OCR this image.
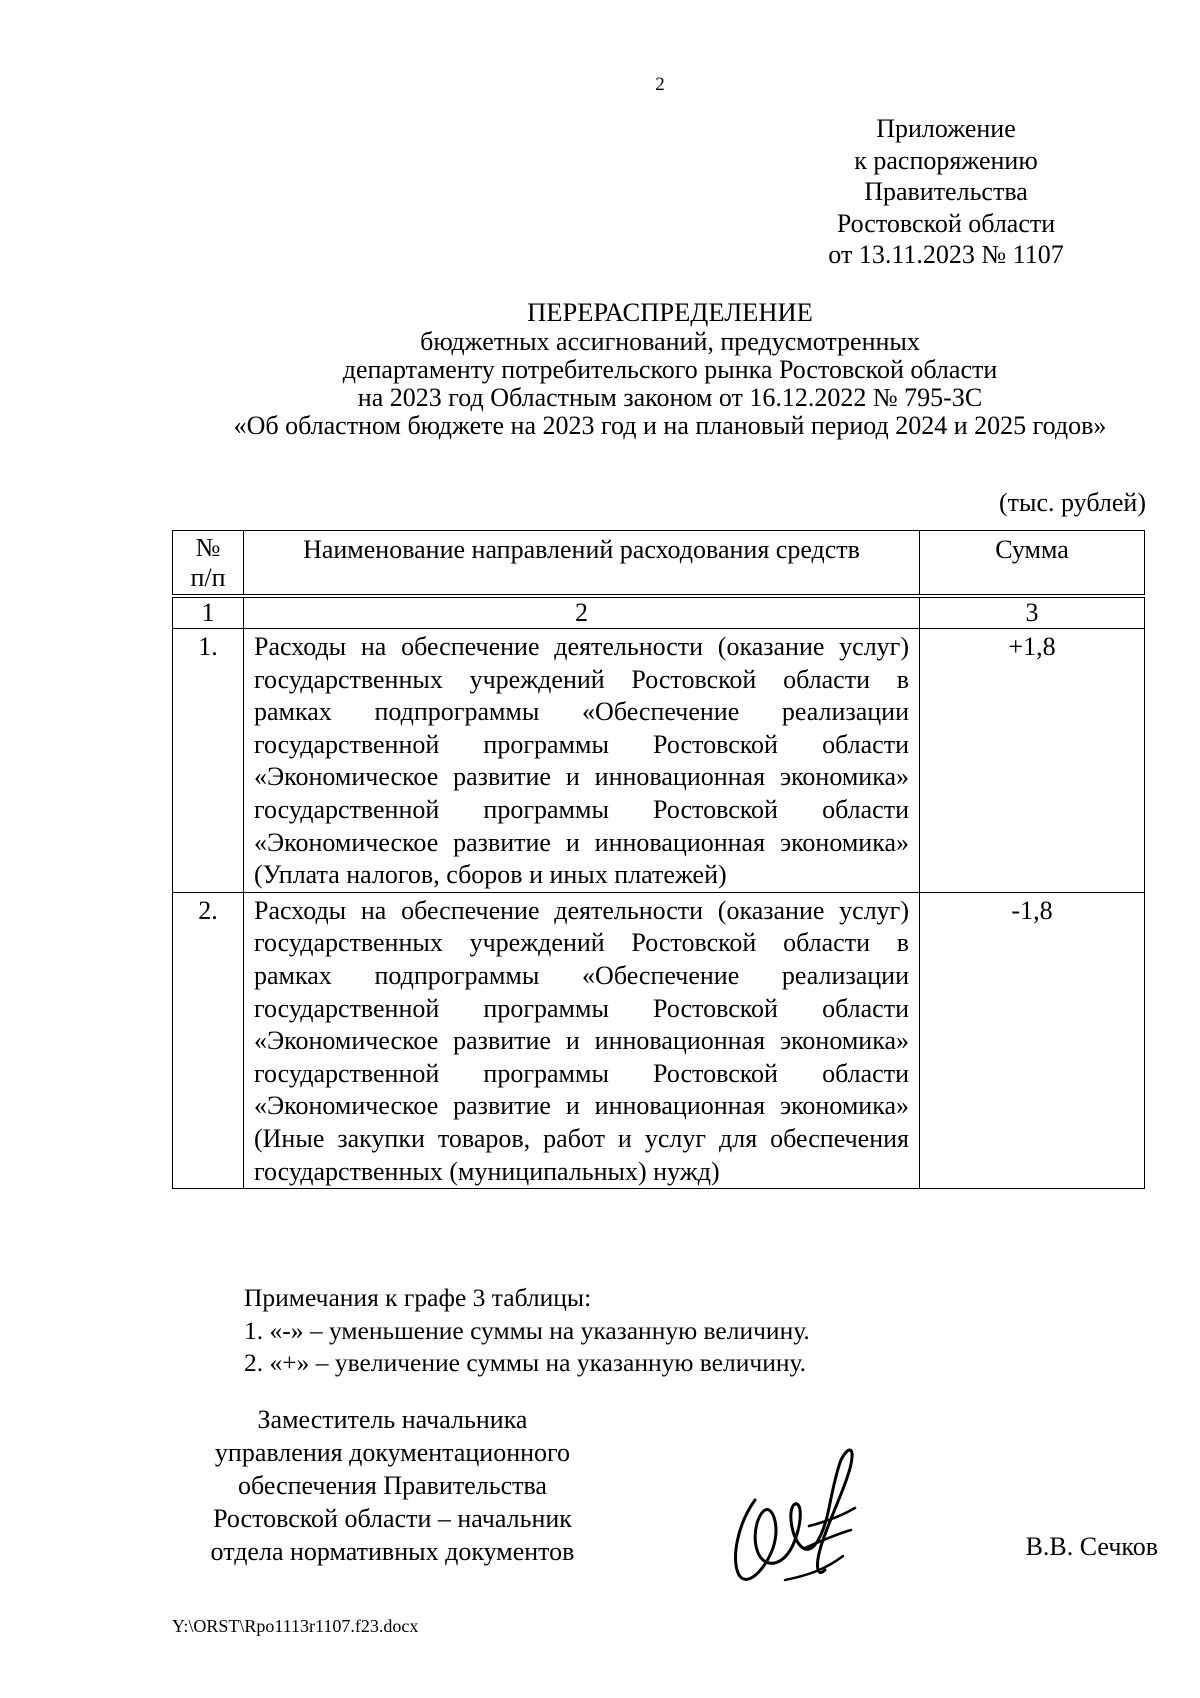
2
Приложение
к распоряжению
Правительства
Ростовской области
от 13.11.2023 № 1107
ПЕРЕРАСПРЕДЕЛЕНИЕ
бюджетных ассигнований, предусмотренных
департаменту потребительского рынка Ростовской области
на 2023 год Областным законом от 16.12.2022 № 795-ЗС
«Об областном бюджете на 2023 год и на плановый период 2024 и 2025 годов»
(тыс. рублей)
№
п/п	Наименование направлений расходования средств	Сумма
1	2	3
1.	Расходы на обеспечение деятельности (оказание услуг) государственных учреждений Ростовской области в рамках подпрограммы «Обеспечение реализации государственной программы Ростовской области «Экономическое развитие и инновационная экономика» государственной программы Ростовской области «Экономическое развитие и инновационная экономика» (Уплата налогов, сборов и иных платежей)	+1,8
2.	Расходы на обеспечение деятельности (оказание услуг) государственных учреждений Ростовской области в рамках подпрограммы «Обеспечение реализации государственной программы Ростовской области «Экономическое развитие и инновационная экономика» государственной программы Ростовской области «Экономическое развитие и инновационная экономика» (Иные закупки товаров, работ и услуг для обеспечения государственных (муниципальных) нужд)	-1,8
Примечания к графе 3 таблицы:
1. «-» – уменьшение суммы на указанную величину.
2. «+» – увеличение суммы на указанную величину.
Заместитель начальника
управления документационного
обеспечения Правительства
Ростовской области – начальник
отдела нормативных документов	В.В. Сечков
Y:\ORST\Rpo1113r1107.f23.docx
